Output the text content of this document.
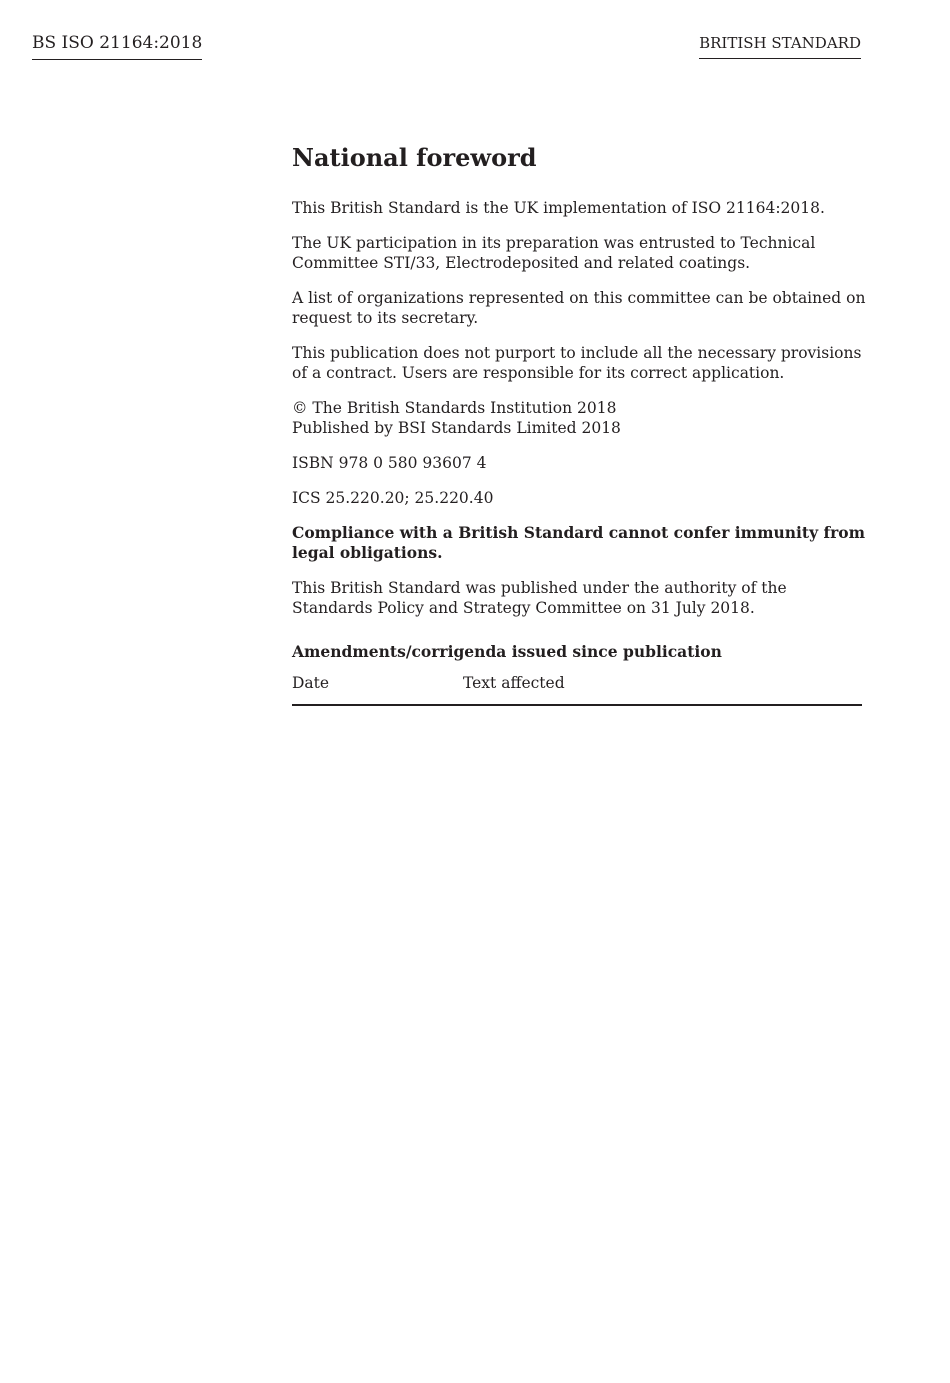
BS ISO 21164:2018	BRITISH STANDARD
National foreword

This British Standard is the UK implementation of ISO 21164:2018.

The UK participation in its preparation was entrusted to Technical
Committee STI/33, Electrodeposited and related coatings.

A list of organizations represented on this committee can be obtained on
request to its secretary.

This publication does not purport to include all the necessary provisions
of a contract. Users are responsible for its correct application.

© The British Standards Institution 2018
Published by BSI Standards Limited 2018

ISBN 978 0 580 93607 4

ICS 25.220.20; 25.220.40

Compliance with a British Standard cannot confer immunity from
legal obligations.

This British Standard was published under the authority of the
Standards Policy and Strategy Committee on 31 July 2018.

Amendments/corrigenda issued since publication
Date	Text affected
